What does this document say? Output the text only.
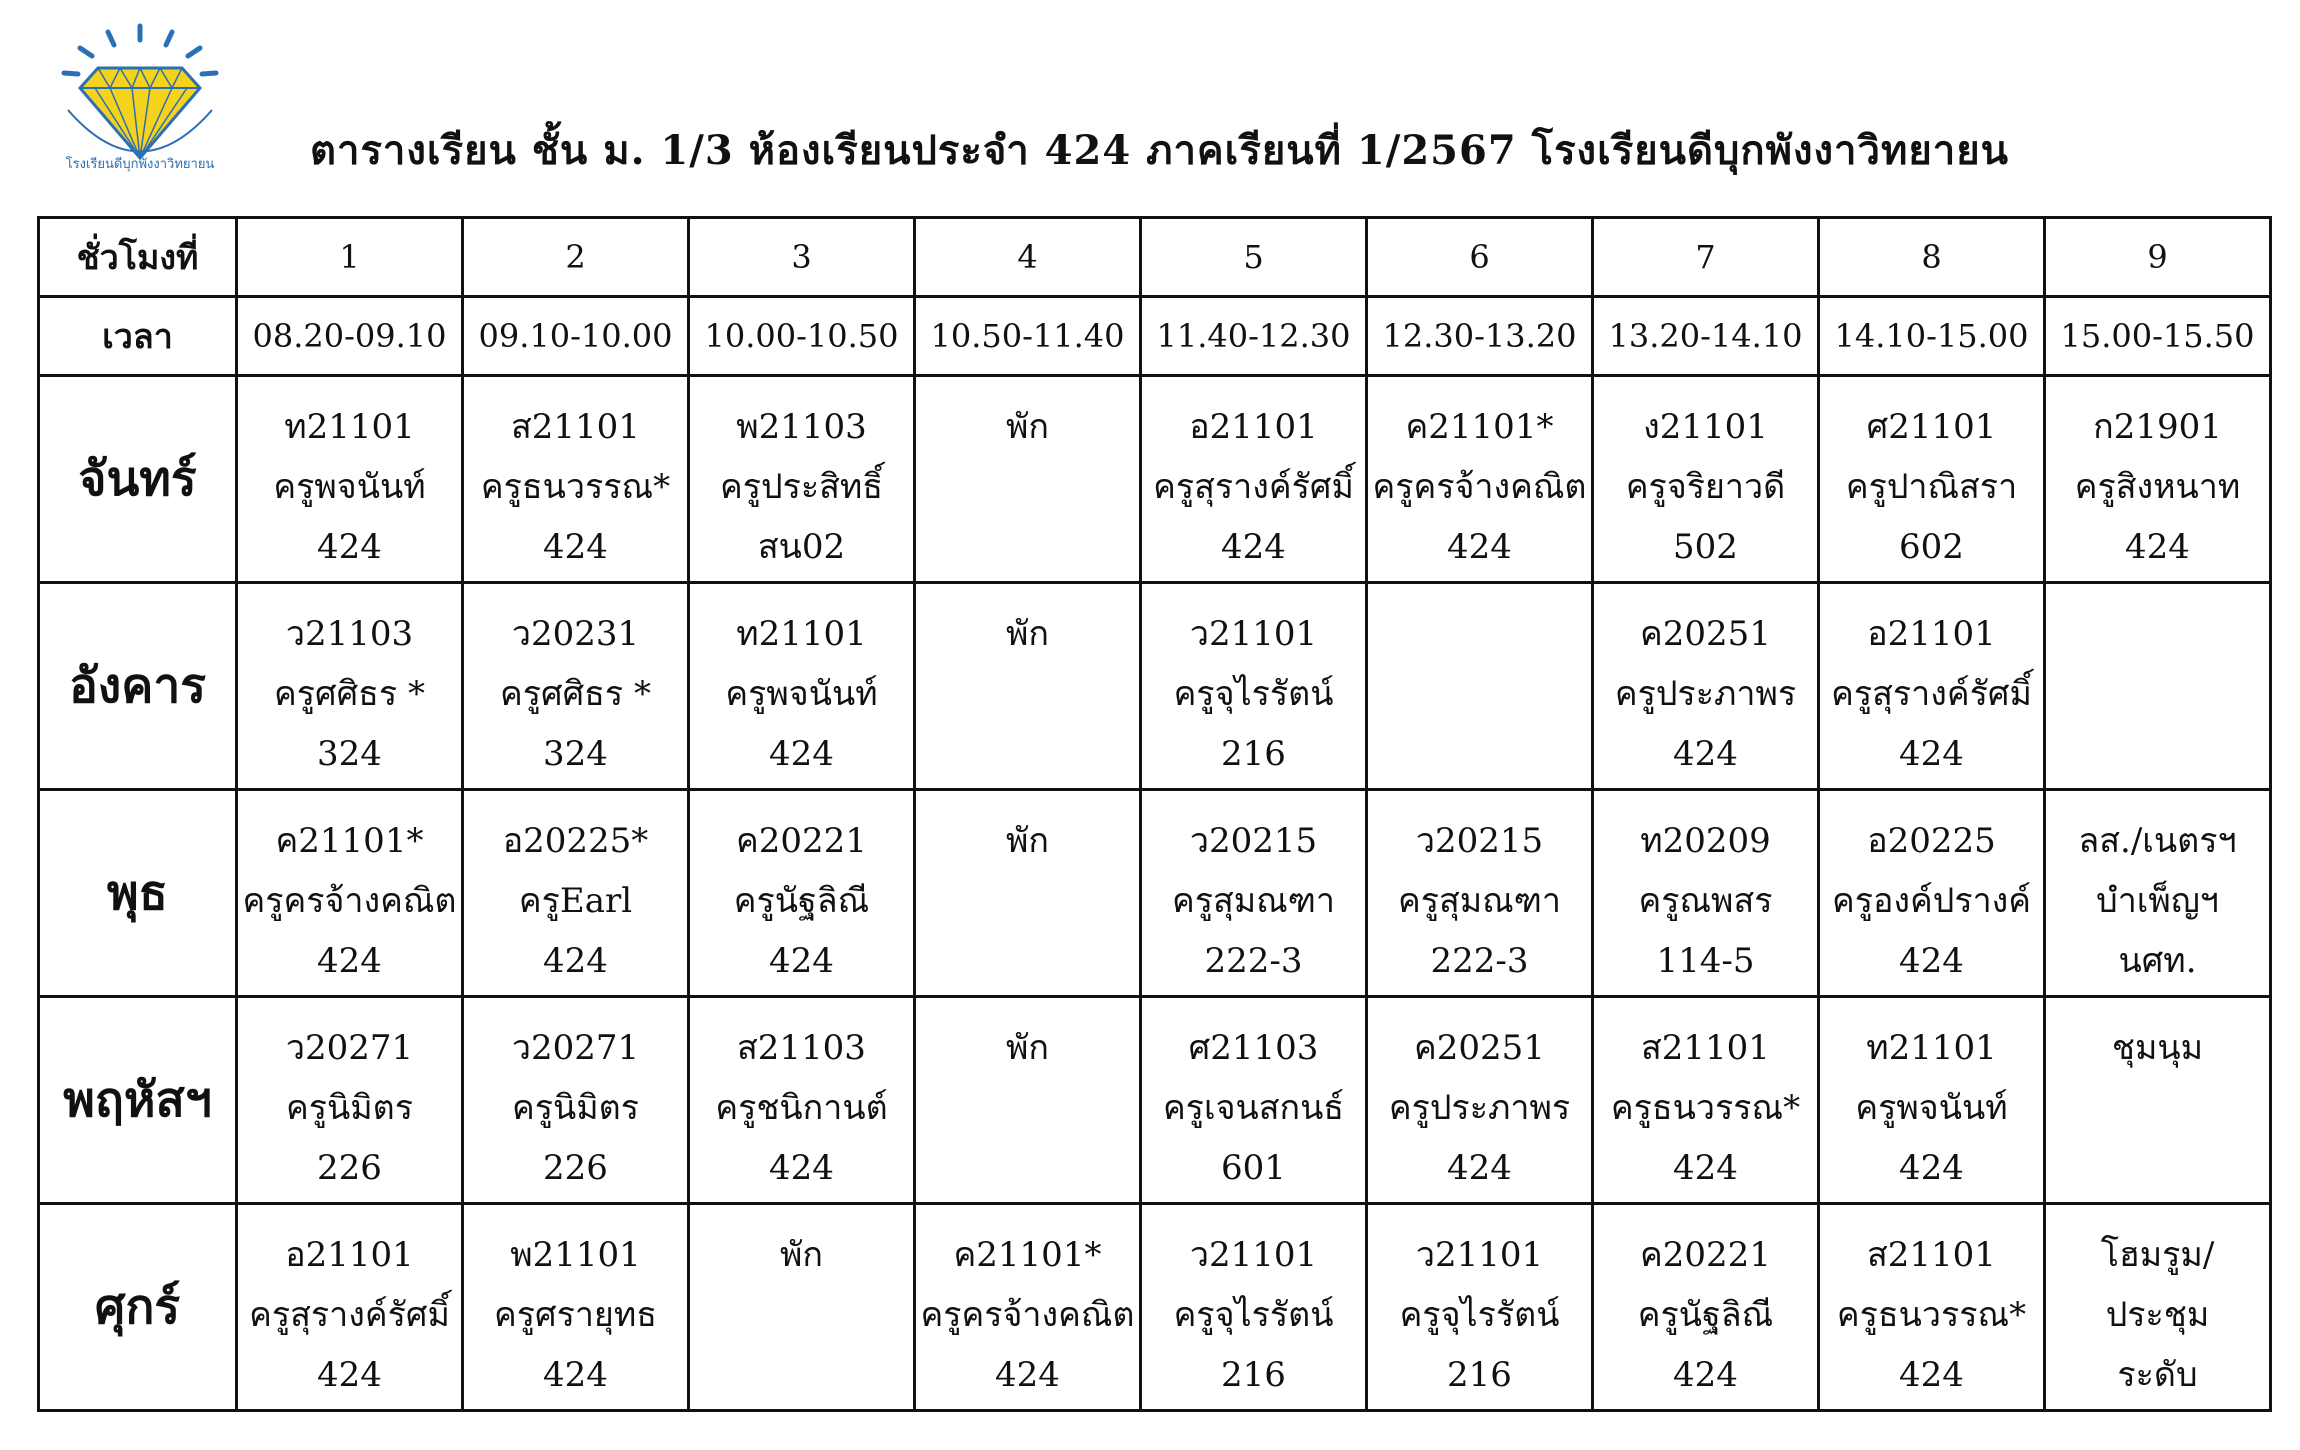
โรงเรียนดีบุกพังงาวิทยายน ตารางเรียน ชั้น ม. 1/3 ห้องเรียนประจำ 424 ภาคเรียนที่ 1/2567 โรงเรียนดีบุกพังงาวิทยายน
ชั่วโมงที่	1	2	3	4	5	6	7	8	9
เวลา	08.20-09.10	09.10-10.00	10.00-10.50	10.50-11.40	11.40-12.30	12.30-13.20	13.20-14.10	14.10-15.00	15.00-15.50
จันทร์	ท21101
ครูพจนันท์
424	ส21101
ครูธนวรรณ*
424	พ21103
ครูประสิทธิ์
สน02	พัก	อ21101
ครูสุรางค์รัศมิ์
424	ค21101*
ครูครจ้างคณิต
424	ง21101
ครูจริยาวดี
502	ศ21101
ครูปาณิสรา
602	ก21901
ครูสิงหนาท
424

อังคาร	ว21103
ครูศศิธร *
324	ว20231
ครูศศิธร *
324	ท21101
ครูพจนันท์
424	พัก	ว21101
ครูจุไรรัตน์
216		ค20251
ครูประภาพร
424	อ21101
ครูสุรางค์รัศมิ์
424	

พุธ	ค21101*
ครูครจ้างคณิต
424	อ20225*
ครูEarl
424	ค20221
ครูนัฐลิณี
424	พัก	ว20215
ครูสุมณฑา
222-3	ว20215
ครูสุมณฑา
222-3	ท20209
ครูณพสร
114-5	อ20225
ครูองค์ปรางค์
424	ลส./เนตรฯ
บำเพ็ญฯ
นศท.

พฤหัสฯ	ว20271
ครูนิมิตร
226	ว20271
ครูนิมิตร
226	ส21103
ครูชนิกานต์
424	พัก	ศ21103
ครูเจนสกนธ์
601	ค20251
ครูประภาพร
424	ส21101
ครูธนวรรณ*
424	ท21101
ครูพจนันท์
424	ชุมนุม

ศุกร์	อ21101
ครูสุรางค์รัศมิ์
424	พ21101
ครูศรายุทธ
424	พัก	ค21101*
ครูครจ้างคณิต
424	ว21101
ครูจุไรรัตน์
216	ว21101
ครูจุไรรัตน์
216	ค20221
ครูนัฐลิณี
424	ส21101
ครูธนวรรณ*
424	โฮมรูม/
ประชุม
ระดับ
